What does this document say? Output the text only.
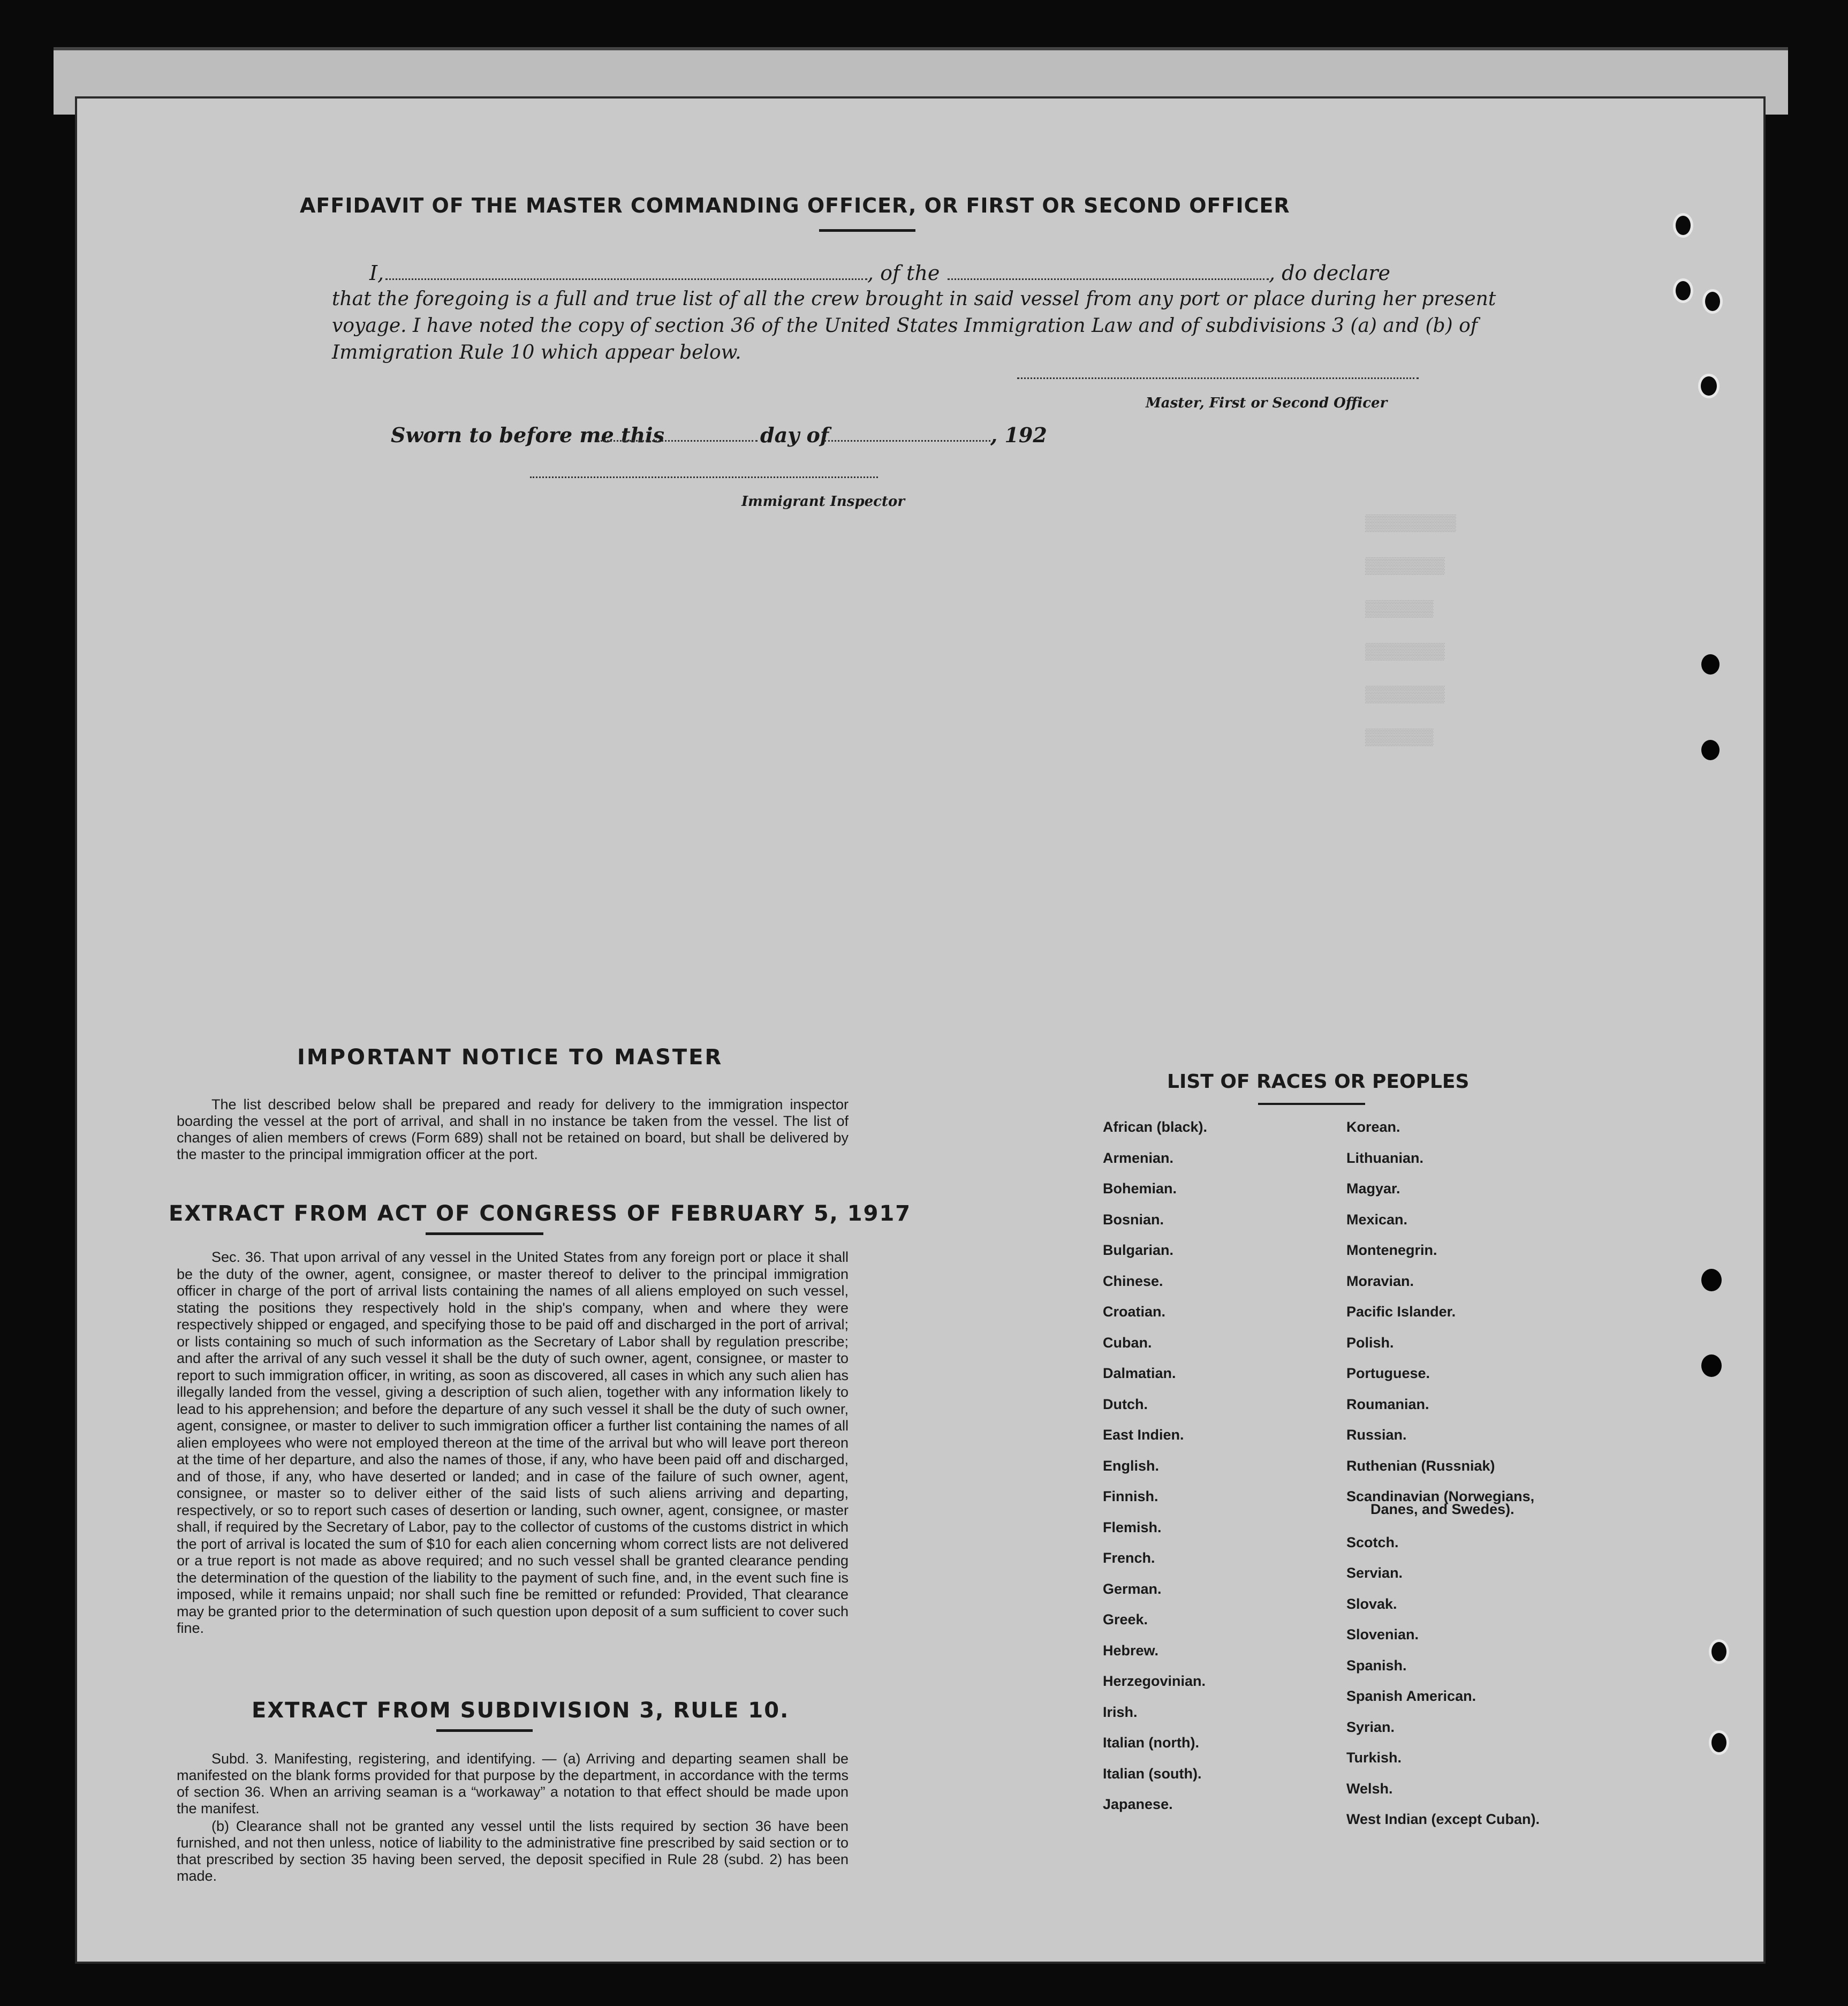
▒▒▒▒▒▒▒▒
▒▒▒▒▒▒▒
▒▒▒▒▒▒
▒▒▒▒▒▒▒
▒▒▒▒▒▒▒
▒▒▒▒▒▒
AFFIDAVIT OF THE MASTER COMMANDING OFFICER, OR FIRST OR SECOND OFFICER
I,	, of the	, do declare
that the foregoing is a full and true list of all the crew brought in said vessel from any port or place during her present
voyage. I have noted the copy of section 36 of the United States Immigration Law and of subdivisions 3 (a) and (b) of
Immigration Rule 10 which appear below.
Master, First or Second Officer
Sworn to before me this	day of	, 192
Immigrant Inspector
IMPORTANT NOTICE TO MASTER
The list described below shall be prepared and ready for delivery to the immigration inspector boarding the vessel at the port of arrival, and shall in no instance be taken from the vessel. The list of changes of alien members of crews (Form 689) shall not be retained on board, but shall be delivered by the master to the principal immigration officer at the port.
EXTRACT FROM ACT OF CONGRESS OF FEBRUARY 5, 1917
Sec. 36. That upon arrival of any vessel in the United States from any foreign port or place it shall be the duty of the owner, agent, consignee, or master thereof to deliver to the principal immigration officer in charge of the port of arrival lists containing the names of all aliens employed on such vessel, stating the positions they respectively hold in the ship's company, when and where they were respectively shipped or engaged, and specifying those to be paid off and discharged in the port of arrival; or lists containing so much of such information as the Secretary of Labor shall by regulation prescribe; and after the arrival of any such vessel it shall be the duty of such owner, agent, consignee, or master to report to such immigration officer, in writing, as soon as discovered, all cases in which any such alien has illegally landed from the vessel, giving a description of such alien, together with any information likely to lead to his apprehension; and before the departure of any such vessel it shall be the duty of such owner, agent, consignee, or master to deliver to such immigration officer a further list containing the names of all alien employees who were not employed thereon at the time of the arrival but who will leave port thereon at the time of her departure, and also the names of those, if any, who have been paid off and discharged, and of those, if any, who have deserted or landed; and in case of the failure of such owner, agent, consignee, or master so to deliver either of the said lists of such aliens arriving and departing, respectively, or so to report such cases of desertion or landing, such owner, agent, consignee, or master shall, if required by the Secretary of Labor, pay to the collector of customs of the customs district in which the port of arrival is located the sum of $10 for each alien concerning whom correct lists are not delivered or a true report is not made as above required; and no such vessel shall be granted clearance pending the determination of the question of the liability to the payment of such fine, and, in the event such fine is imposed, while it remains unpaid; nor shall such fine be remitted or refunded: Provided, That clearance may be granted prior to the determination of such question upon deposit of a sum sufficient to cover such fine.
EXTRACT FROM SUBDIVISION 3, RULE 10.
Subd. 3. Manifesting, registering, and identifying. — (a) Arriving and departing seamen shall be manifested on the blank forms provided for that purpose by the department, in accordance with the terms of section 36. When an arriving seaman is a “workaway” a notation to that effect should be made upon the manifest.
(b) Clearance shall not be granted any vessel until the lists required by section 36 have been furnished, and not then unless, notice of liability to the administrative fine prescribed by said section or to that prescribed by section 35 having been served, the deposit specified in Rule 28 (subd. 2) has been made.
LIST OF RACES OR PEOPLES
African (black).
Armenian.
Bohemian.
Bosnian.
Bulgarian.
Chinese.
Croatian.
Cuban.
Dalmatian.
Dutch.
East Indien.
English.
Finnish.
Flemish.
French.
German.
Greek.
Hebrew.
Herzegovinian.
Irish.
Italian (north).
Italian (south).
Japanese.
Korean.
Lithuanian.
Magyar.
Mexican.
Montenegrin.
Moravian.
Pacific Islander.
Polish.
Portuguese.
Roumanian.
Russian.
Ruthenian (Russniak)
Scandinavian (Norwegians,
Scotch.
Servian.
Slovak.
Slovenian.
Spanish.
Spanish American.
Syrian.
Turkish.
Welsh.
West Indian (except Cuban).
Danes, and Swedes).
